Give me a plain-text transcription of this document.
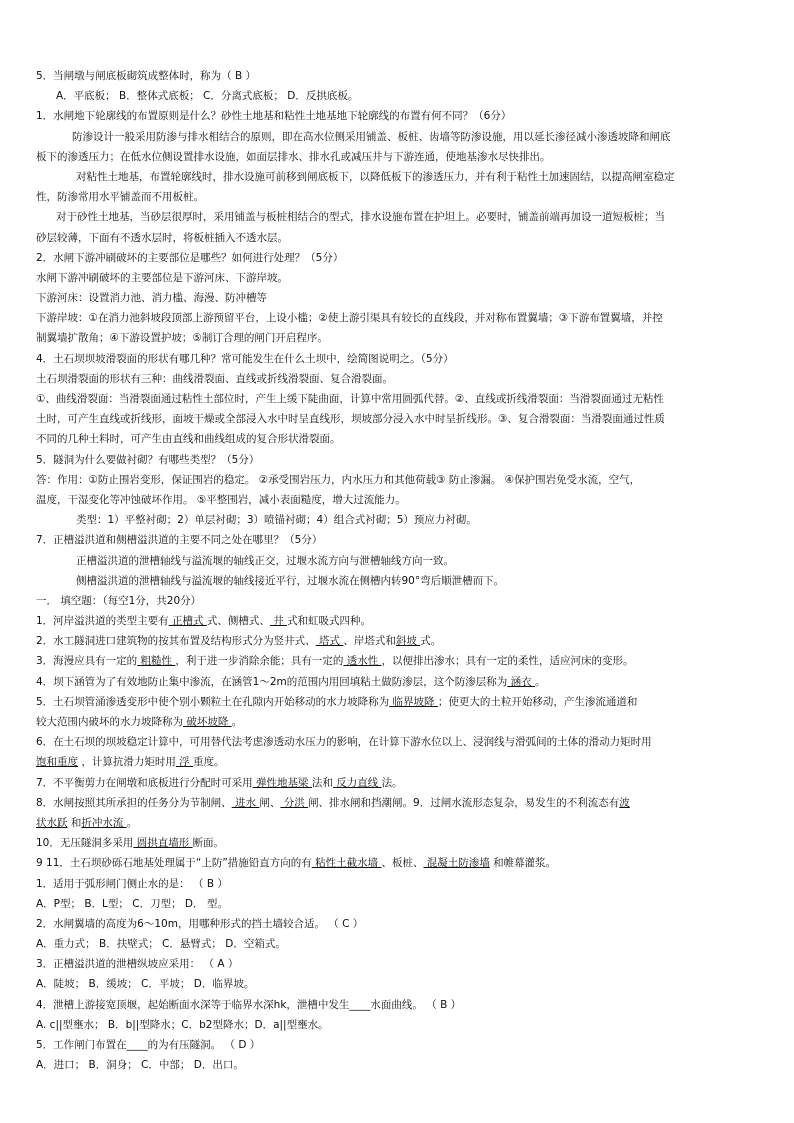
5．当闸墩与闸底板砌筑成整体时，称为（ B ）
A．平底板； B．整体式底板； C．分离式底板； D．反拱底板。
1．水闸地下轮廓线的布置原则是什么？砂性土地基和粘性土地基地下轮廓线的布置有何不同？（6分）
防渗设计一般采用防渗与排水相结合的原则，即在高水位侧采用铺盖、板桩、齿墙等防渗设施，用以延长渗径减小渗透坡降和闸底
板下的渗透压力；在低水位侧设置排水设施，如面层排水、排水孔或减压井与下游连通，使地基渗水尽快排出。
对粘性土地基，布置轮廓线时，排水设施可前移到闸底板下，以降低板下的渗透压力，并有利于粘性土加速固结，以提高闸室稳定
性，防渗常用水平铺盖而不用板桩。
对于砂性土地基，当砂层很厚时，采用铺盖与板桩相结合的型式，排水设施布置在护坦上。必要时，铺盖前端再加设一道短板桩；当
砂层较薄，下面有不透水层时，将板桩插入不透水层。
2．水闸下游冲刷破坏的主要部位是哪些？如何进行处理？（5分）
水闸下游冲刷破坏的主要部位是下游河床、下游岸坡。
下游河床：设置消力池、消力槛、海漫、防冲槽等
下游岸坡：①在消力池斜坡段顶部上游预留平台，上设小槛；②使上游引渠具有较长的直线段，并对称布置翼墙；③下游布置翼墙，并控
制翼墙扩散角；④下游设置护坡；⑤制订合理的闸门开启程序。
4．土石坝坝坡滑裂面的形状有哪几种？常可能发生在什么土坝中，绘简图说明之。（5分）
土石坝滑裂面的形状有三种：曲线滑裂面、直线或折线滑裂面、复合滑裂面。
①、曲线滑裂面：当滑裂面通过粘性土部位时，产生上缓下陡曲面，计算中常用圆弧代替。②、直线或折线滑裂面：当滑裂面通过无粘性
土时，可产生直线或折线形，面坡干燥或全部浸入水中时呈直线形，坝坡部分浸入水中时呈折线形。③、复合滑裂面：当滑裂面通过性质
不同的几种土料时，可产生由直线和曲线组成的复合形状滑裂面。
5．隧洞为什么要做衬砌？有哪些类型？（5分）
答：作用：①防止围岩变形，保证围岩的稳定。 ②承受围岩压力，内水压力和其他荷载③ 防止渗漏。 ④保护围岩免受水流，空气，
温度，干湿变化等冲蚀破坏作用。 ⑤平整围岩，减小表面糙度，增大过流能力。
类型：1）平整衬砌；2）单层衬砌；3）喷锚衬砌；4）组合式衬砌；5）预应力衬砌。
7．正槽溢洪道和侧槽溢洪道的主要不同之处在哪里？（5分）
正槽溢洪道的泄槽轴线与溢流堰的轴线正交，过堰水流方向与泄槽轴线方向一致。
侧槽溢洪道的泄槽轴线与溢流堰的轴线接近平行，过堰水流在侧槽内转90°弯后顺泄槽而下。
一． 填空题：（每空1分，共20分）
1．河岸溢洪道的类型主要有 正槽式 式、侧槽式、 井 式和虹吸式四种。
2．水工隧洞进口建筑物的按其布置及结构形式分为竖井式、 塔式 、岸塔式和斜坡 式。
3．海漫应具有一定的 粗糙性 ，利于进一步消除余能；具有一定的 透水性 ，以便排出渗水；具有一定的柔性，适应河床的变形。
4．坝下涵管为了有效地防止集中渗流，在涵管1～2m的范围内用回填粘土做防渗层，这个防渗层称为 涵衣 。
5．土石坝管涌渗透变形中使个别小颗粒土在孔隙内开始移动的水力坡降称为 临界坡降 ；使更大的土粒开始移动，产生渗流通道和
较大范围内破坏的水力坡降称为 破坏坡降 。
6．在土石坝的坝坡稳定计算中，可用替代法考虑渗透动水压力的影响，在计算下游水位以上、浸润线与滑弧间的土体的滑动力矩时用
饱和重度 ，计算抗滑力矩时用 浮 重度。
7．不平衡剪力在闸墩和底板进行分配时可采用 弹性地基梁 法和 反力直线 法。
8．水闸按照其所承担的任务分为节制闸、 进水 闸、 分洪 闸、排水闸和挡潮闸。9．过闸水流形态复杂，易发生的不利流态有波
状水跃 和折冲水流 。
10．无压隧洞多采用 圆拱直墙形 断面。
9 11．土石坝砂砾石地基处理属于“上防”措施铅直方向的有 粘性土截水墙 、板桩、 混凝土防渗墙 和帷幕灌浆。
1．适用于弧形闸门侧止水的是： （ B ）
A．P型； B．L型； C．刀型； D． 型。
2．水闸翼墙的高度为6～10m，用哪种形式的挡土墙较合适。 （ C ）
A．重力式； B．扶壁式； C．悬臂式； D．空箱式。
3．正槽溢洪道的泄槽纵坡应采用： （ A ）
A．陡坡； B．缓坡； C．平坡； D．临界坡。
4．泄槽上游接宽顶堰，起始断面水深等于临界水深hk，泄槽中发生____水面曲线。 （ B ）
A. c||型壅水； B．b||型降水；C．b2型降水；D．a||型壅水。
5．工作闸门布置在____的为有压隧洞。 （ D ）
A．进口； B．洞身； C．中部； D．出口。
